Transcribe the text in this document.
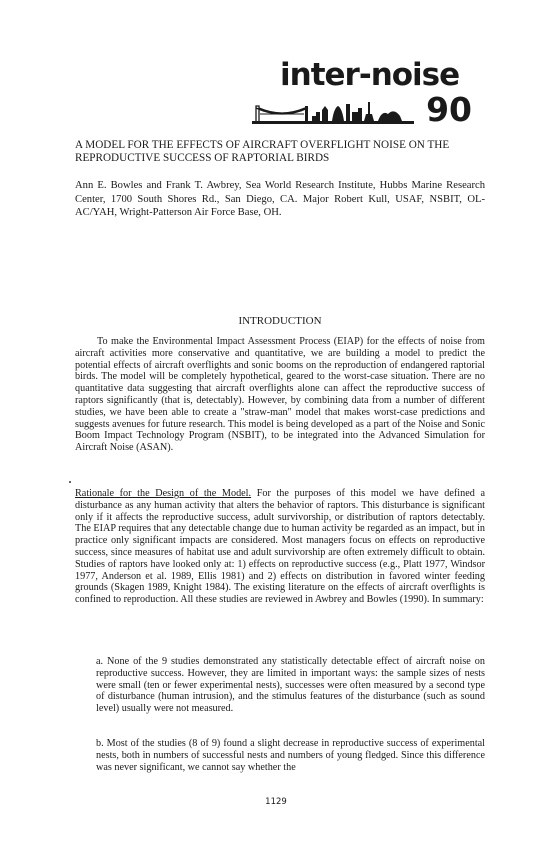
inter-noise
90
A MODEL FOR THE EFFECTS OF AIRCRAFT OVERFLIGHT NOISE ON THE REPRODUCTIVE SUCCESS OF RAPTORIAL BIRDS

Ann E. Bowles and Frank T. Awbrey, Sea World Research Institute, Hubbs Marine Research Center, 1700 South Shores Rd., San Diego, CA. Major Robert Kull, USAF, NSBIT, OL-AC/YAH, Wright-Patterson Air Force Base, OH.

INTRODUCTION

To make the Environmental Impact Assessment Process (EIAP) for the effects of noise from aircraft activities more conservative and quantitative, we are building a model to predict the potential effects of aircraft overflights and sonic booms on the reproduction of endangered raptorial birds. The model will be completely hypothetical, geared to the worst-case situation. There are no quantitative data suggesting that aircraft overflights alone can affect the reproductive success of raptors significantly (that is, detectably). However, by combining data from a number of different studies, we have been able to create a "straw-man" model that makes worst-case predictions and suggests avenues for future research. This model is being developed as a part of the Noise and Sonic Boom Impact Technology Program (NSBIT), to be integrated into the Advanced Simulation for Aircraft Noise (ASAN).

Rationale for the Design of the Model. For the purposes of this model we have defined a disturbance as any human activity that alters the behavior of raptors. This disturbance is significant only if it affects the reproductive success, adult survivorship, or distribution of raptors detectably. The EIAP requires that any detectable change due to human activity be regarded as an impact, but in practice only significant impacts are considered. Most managers focus on effects on reproductive success, since measures of habitat use and adult survivorship are often extremely difficult to obtain. Studies of raptors have looked only at: 1) effects on reproductive success (e.g., Platt 1977, Windsor 1977, Anderson et al. 1989, Ellis 1981) and 2) effects on distribution in favored winter feeding grounds (Skagen 1989, Knight 1984). The existing literature on the effects of aircraft overflights is confined to reproduction. All these studies are reviewed in Awbrey and Bowles (1990). In summary:

a. None of the 9 studies demonstrated any statistically detectable effect of aircraft noise on reproductive success. However, they are limited in important ways: the sample sizes of nests were small (ten or fewer experimental nests), successes were often measured by a second type of disturbance (human intrusion), and the stimulus features of the disturbance (such as sound level) usually were not measured.

b. Most of the studies (8 of 9) found a slight decrease in reproductive success of experimental nests, both in numbers of successful nests and numbers of young fledged. Since this difference was never significant, we cannot say whether the

1129
